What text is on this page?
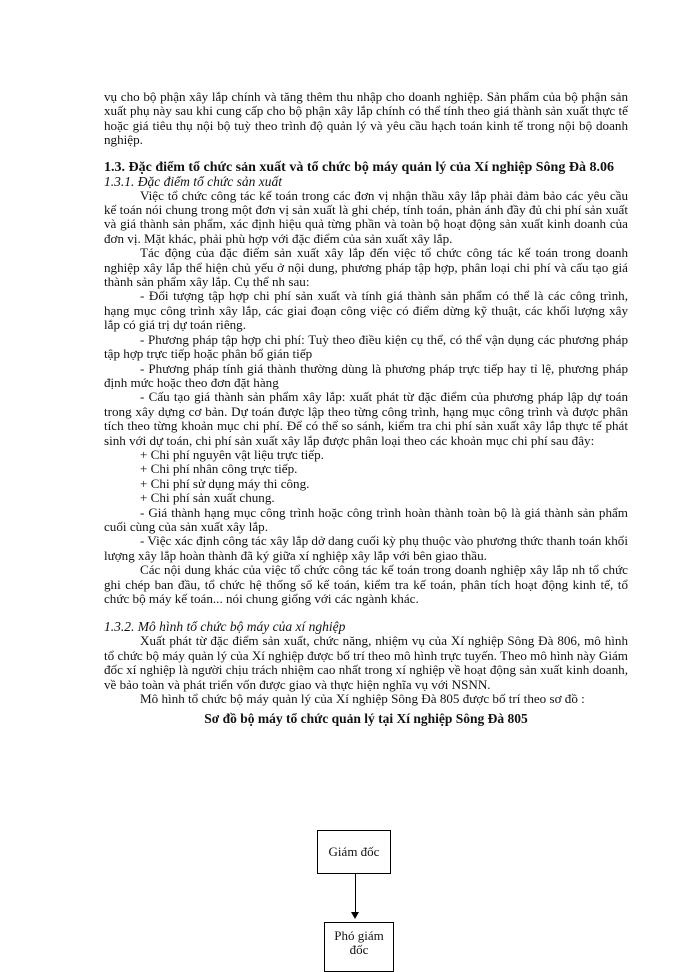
vụ cho bộ phận xây lắp chính và tăng thêm thu nhập cho doanh nghiệp. Sản phẩm của bộ phận sản xuất phụ này sau khi cung cấp cho bộ phận xây lắp chính có thể tính theo giá thành sản xuất thực tế hoặc giá tiêu thụ nội bộ tuỳ theo trình độ quản lý và yêu cầu hạch toán kinh tế trong nội bộ doanh nghiệp.

1.3. Đặc điểm tổ chức sản xuất và tổ chức bộ máy quản lý của Xí nghiệp Sông Đà 8.06

1.3.1. Đặc điểm tổ chức sản xuất

Việc tổ chức công tác kế toán trong các đơn vị nhận thầu xây lắp phải đảm bảo các yêu cầu kế toán nói chung trong một đơn vị sản xuất là ghi chép, tính toán, phản ánh đầy đủ chi phí sản xuất và giá thành sản phẩm, xác định hiệu quả từng phần và toàn bộ hoạt động sản xuất kinh doanh của đơn vị. Mặt khác, phải phù hợp với đặc điểm của sản xuất xây lắp.

Tác động của đặc điểm sản xuất xây lắp đến việc tổ chức công tác kế toán trong doanh nghiệp xây lắp thể hiện chủ yếu ở nội dung, phương pháp tập hợp, phân loại chi phí và cấu tạo giá thành sản phẩm xây lắp. Cụ thể nh sau:

- Đối tượng tập hợp chi phí sản xuất và tính giá thành sản phẩm có thể là các công trình, hạng mục công trình xây lắp, các giai đoạn công việc có điểm dừng kỹ thuật, các khối lượng xây lắp có giá trị dự toán riêng.

- Phương pháp tập hợp chi phí: Tuỳ theo điều kiện cụ thể, có thể vận dụng các phương pháp tập hợp trực tiếp hoặc phân bổ gián tiếp

- Phương pháp tính giá thành thường dùng là phương pháp trực tiếp hay tỉ lệ, phương pháp định mức hoặc theo đơn đặt hàng

- Cấu tạo giá thành sản phẩm xây lắp: xuất phát từ đặc điểm của phương pháp lập dự toán trong xây dựng cơ bản. Dự toán được lập theo từng công trình, hạng mục công trình và được phân tích theo từng khoản mục chi phí. Để có thể so sánh, kiểm tra chi phí sản xuất xây lắp thực tế phát sinh với dự toán, chi phí sản xuất xây lắp được phân loại theo các khoản mục chi phí sau đây:

+ Chi phí nguyên vật liệu trực tiếp.

+ Chi phí nhân công trực tiếp.

+ Chi phí sử dụng máy thi công.

+ Chi phí sản xuất chung.

- Giá thành hạng mục công trình hoặc công trình hoàn thành toàn bộ là giá thành sản phẩm cuối cùng của sản xuất xây lắp.

- Việc xác định công tác xây lắp dở dang cuối kỳ phụ thuộc vào phương thức thanh toán khối lượng xây lắp hoàn thành đã ký giữa xí nghiệp xây lắp với bên giao thầu.

Các nội dung khác của việc tổ chức công tác kế toán trong doanh nghiệp xây lắp nh tổ chức ghi chép ban đầu, tổ chức hệ thống sổ kế toán, kiểm tra kế toán, phân tích hoạt động kinh tế, tổ chức bộ máy kế toán... nói chung giống với các ngành khác.

1.3.2. Mô hình tổ chức bộ máy của xí nghiệp

Xuất phát từ đặc điểm sản xuất, chức năng, nhiệm vụ của Xí nghiệp Sông Đà 806, mô hình tổ chức bộ máy quản lý của Xí nghiệp được bố trí theo mô hình trực tuyến. Theo mô hình này Giám đốc xí nghiệp là người chịu trách nhiệm cao nhất trong xí nghiệp về hoạt động sản xuất kinh doanh, về bảo toàn và phát triển vốn được giao và thực hiện nghĩa vụ với NSNN.

Mô hình tổ chức bộ máy quản lý của Xí nghiệp Sông Đà 805 được bố trí theo sơ đồ :

Sơ đồ bộ máy tổ chức quản lý tại Xí nghiệp Sông Đà 805

Giám đốc
Phó giám đốc
